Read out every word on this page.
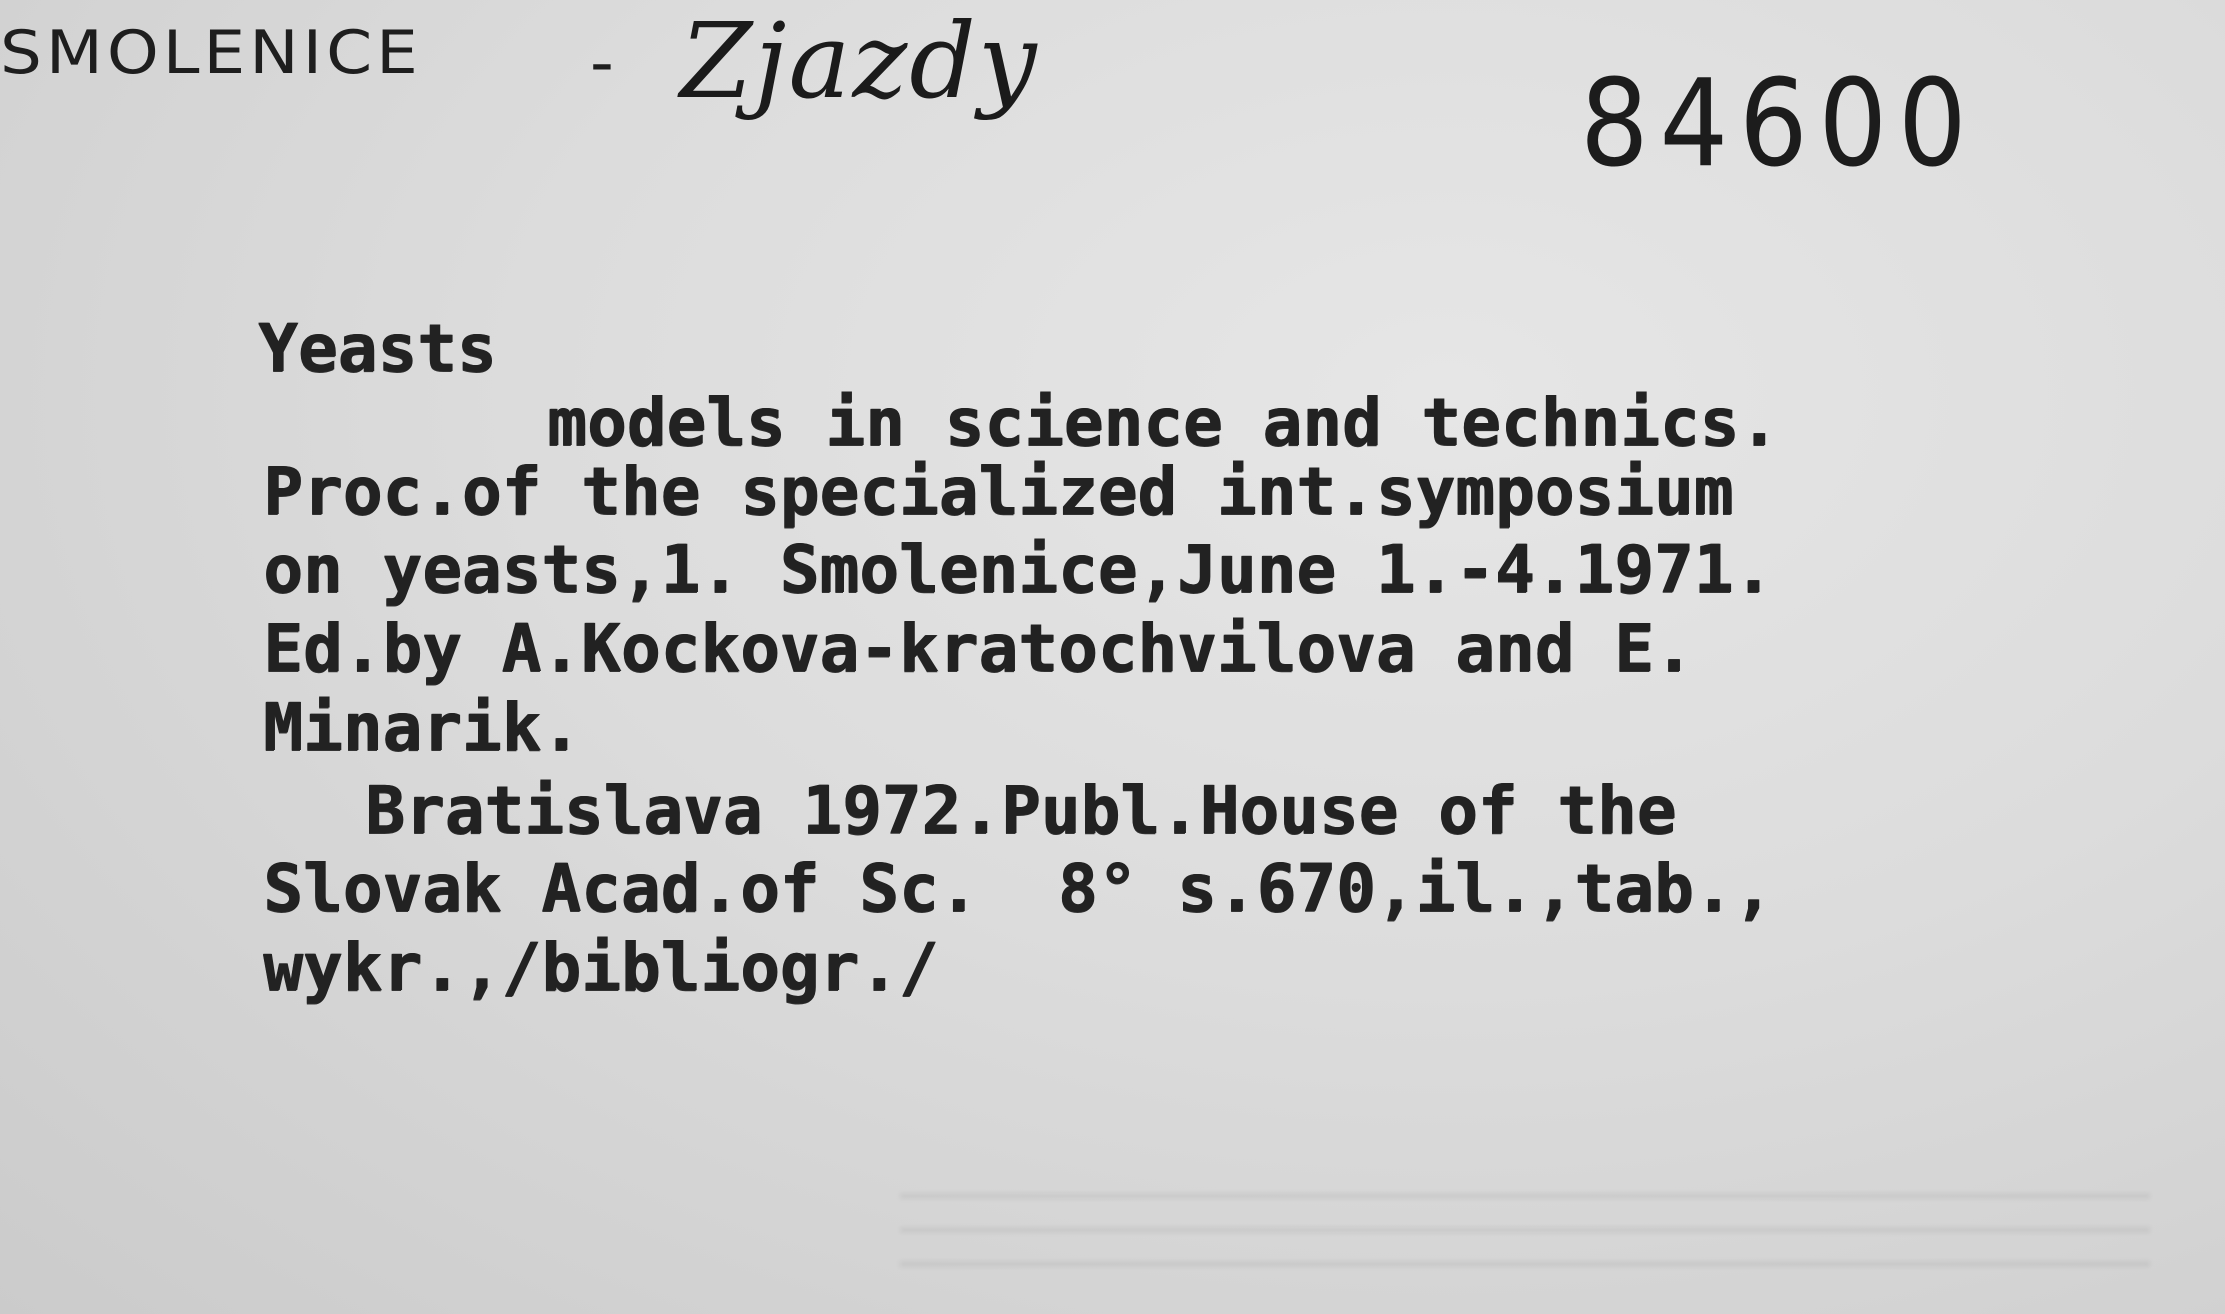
SMOLENICE	- Zjazdy	84600
Yeasts
models in science and technics.
Proc.of the specialized int.symposium
on yeasts,1. Smolenice,June 1.-4.1971.
Ed.by A.Kockova-kratochvilova and E.
Minarik.
Bratislava 1972.Publ.House of the
Slovak Acad.of Sc.  8° s.670,il.,tab.,
wykr.,/bibliogr./
